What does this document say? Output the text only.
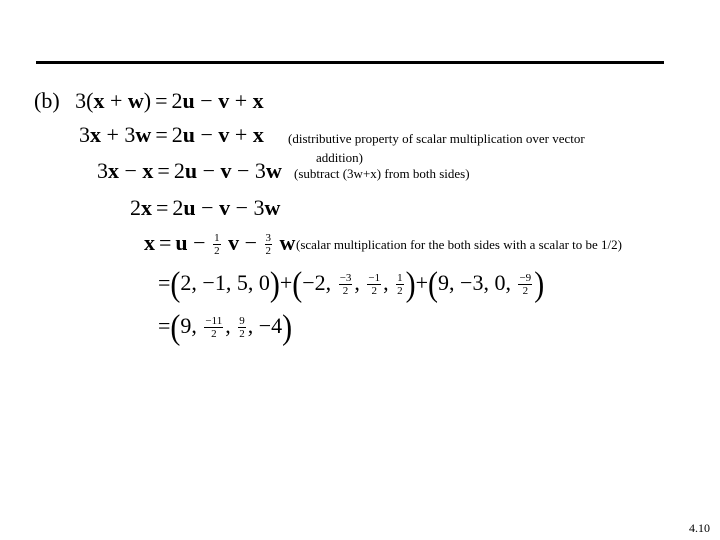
(b) 3(x + w) = 2u − v + x
3x + 3w = 2u − v + x (distributive property of scalar multiplication over vector
addition)
3x − x = 2u − v − 3w (subtract (3w+x) from both sides)
2x = 2u − v − 3w
$x = u - \frac{1}{2}$ $v - \frac{3}{2}$ w (scalar multiplication for the both sides with a scalar to be 1/2)
=(2, −1, 5, 0)+(−2, $\frac{-3}{2}$ , $\frac{-1}{2}$ , $\frac{1}{2} )+(9$, −3, 0, $\frac{-9}{2}$ )
=(9, $\frac{-11}{2}$ , $\frac{9}{2}$ , −4)
4.10
